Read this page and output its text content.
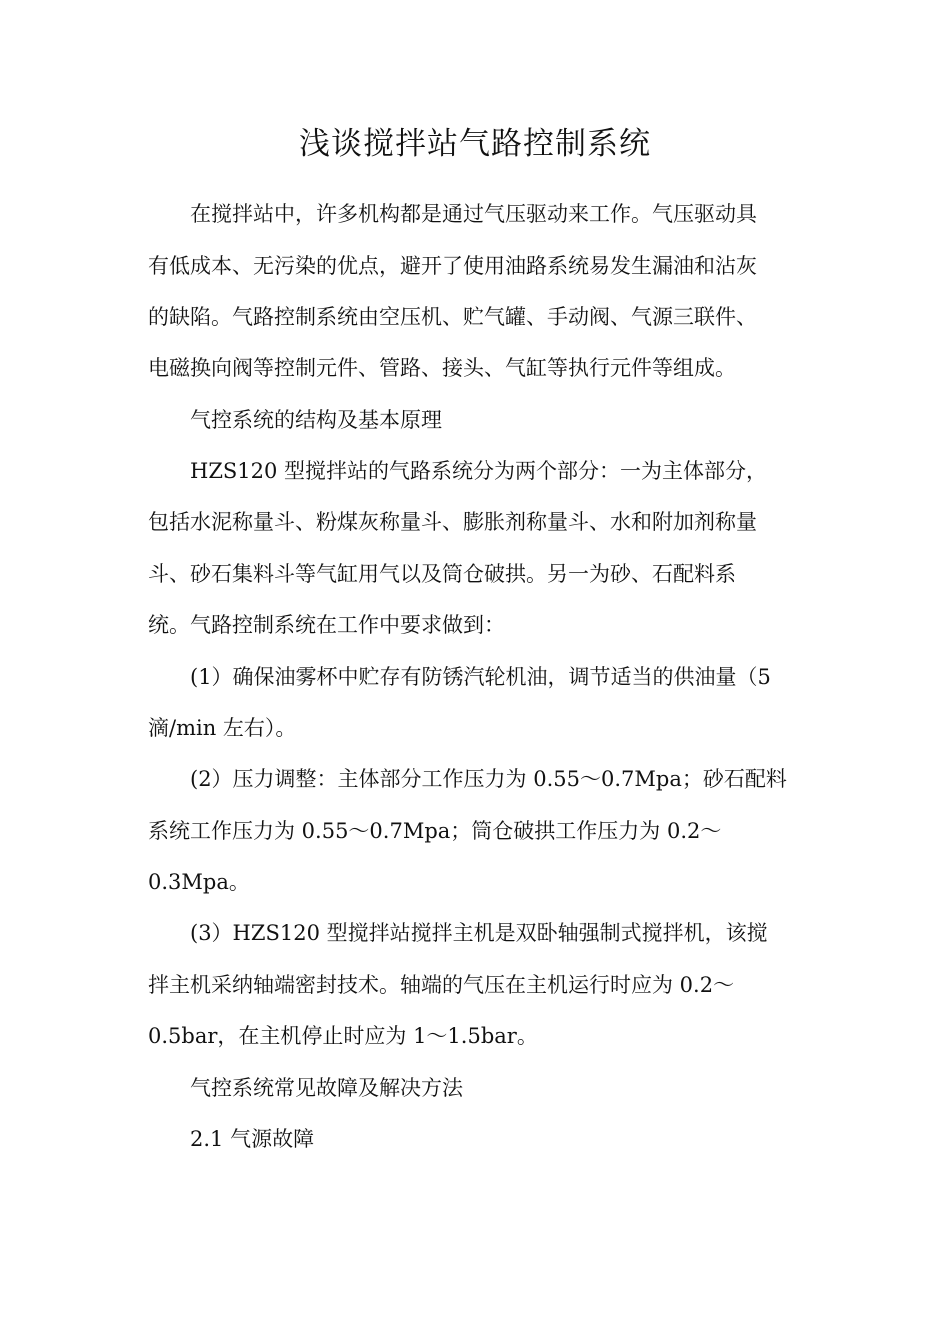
浅谈搅拌站气路控制系统

在搅拌站中，许多机构都是通过气压驱动来工作。气压驱动具

有低成本、无污染的优点，避开了使用油路系统易发生漏油和沾灰

的缺陷。气路控制系统由空压机、贮气罐、手动阀、气源三联件、

电磁换向阀等控制元件、管路、接头、气缸等执行元件等组成。

气控系统的结构及基本原理

HZS120 型搅拌站的气路系统分为两个部分：一为主体部分，

包括水泥称量斗、粉煤灰称量斗、膨胀剂称量斗、水和附加剂称量

斗、砂石集料斗等气缸用气以及筒仓破拱。另一为砂、石配料系

统。气路控制系统在工作中要求做到：

(1）确保油雾杯中贮存有防锈汽轮机油，调节适当的供油量（5

滴/min 左右）。

(2）压力调整：主体部分工作压力为 0.55～0.7Mpa；砂石配料

系统工作压力为 0.55～0.7Mpa；筒仓破拱工作压力为 0.2～

0.3Mpa。

(3）HZS120 型搅拌站搅拌主机是双卧轴强制式搅拌机，该搅

拌主机采纳轴端密封技术。轴端的气压在主机运行时应为 0.2～

0.5bar，在主机停止时应为 1～1.5bar。

气控系统常见故障及解决方法

2.1 气源故障
